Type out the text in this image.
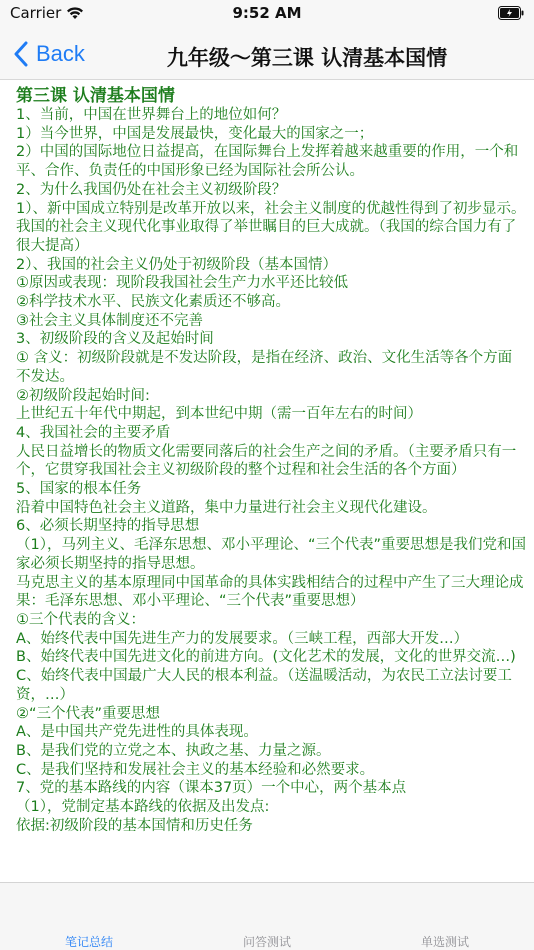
Carrier	9:52 AM
Back	九年级～第三课 认清基本国情
第三课 认清基本国情

1、当前，中国在世界舞台上的地位如何？

1）当今世界，中国是发展最快，变化最大的国家之一；

2）中国的国际地位日益提高，在国际舞台上发挥着越来越重要的作用，一个和平、合作、负责任的中国形象已经为国际社会所公认。

2、为什么我国仍处在社会主义初级阶段？

1）、新中国成立特别是改革开放以来，社会主义制度的优越性得到了初步显示。我国的社会主义现代化事业取得了举世瞩目的巨大成就。（我国的综合国力有了很大提高）

2）、我国的社会主义仍处于初级阶段（基本国情）

①原因或表现：现阶段我国社会生产力水平还比较低

②科学技术水平、民族文化素质还不够高。

③社会主义具体制度还不完善

3、初级阶段的含义及起始时间

① 含义：初级阶段就是不发达阶段，是指在经济、政治、文化生活等各个方面不发达。

②初级阶段起始时间:

上世纪五十年代中期起，到本世纪中期（需一百年左右的时间）

4、我国社会的主要矛盾

人民日益增长的物质文化需要同落后的社会生产之间的矛盾。（主要矛盾只有一个，它贯穿我国社会主义初级阶段的整个过程和社会生活的各个方面）

5、国家的根本任务

沿着中国特色社会主义道路，集中力量进行社会主义现代化建设。

6、必须长期坚持的指导思想

（1），马列主义、毛泽东思想、邓小平理论、“三个代表”重要思想是我们党和国家必须长期坚持的指导思想。

马克思主义的基本原理同中国革命的具体实践相结合的过程中产生了三大理论成果：毛泽东思想、邓小平理论、“三个代表”重要思想）

①三个代表的含义：

A、始终代表中国先进生产力的发展要求。（三峡工程，西部大开发…）

B、始终代表中国先进文化的前进方向。(文化艺术的发展，文化的世界交流…)

C、始终代表中国最广大人民的根本利益。（送温暖活动，为农民工立法讨要工资，…）

②“三个代表”重要思想

A、是中国共产党先进性的具体表现。

B、是我们党的立党之本、执政之基、力量之源。

C、是我们坚持和发展社会主义的基本经验和必然要求。

7、党的基本路线的内容（课本37页）一个中心，两个基本点

（1），党制定基本路线的依据及出发点:

依据:初级阶段的基本国情和历史任务

笔记总结	问答测试	单选测试
